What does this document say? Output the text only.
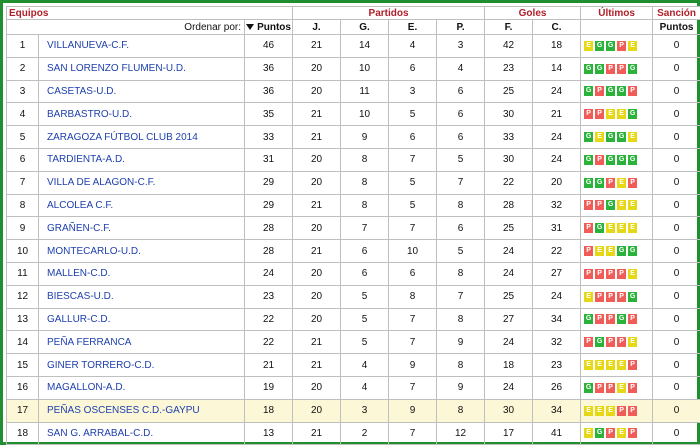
Equipos			Partidos				Goles		Últimos	Sanción

Ordenar por:		Puntos	J.	G.	E.	P.	F.	C.		Puntos
1	VILLANUEVA-C.F.	46	21	14	4	3	42	18	E G G P E	0
2	SAN LORENZO FLUMEN-U.D.	36	20	10	6	4	23	14	G G P P G	0
3	CASETAS-U.D.	36	20	11	3	6	25	24	G P G G P	0
4	BARBASTRO-U.D.	35	21	10	5	6	30	21	P P E E G	0
5	ZARAGOZA FÚTBOL CLUB 2014	33	21	9	6	6	33	24	G E G G E	0
6	TARDIENTA-A.D.	31	20	8	7	5	30	24	G P G G G	0
7	VILLA DE ALAGON-C.F.	29	20	8	5	7	22	20	G G P E P	0
8	ALCOLEA C.F.	29	21	8	5	8	28	32	P P G E E	0
9	GRAÑEN-C.F.	28	20	7	7	6	25	31	P G E E E	0
10	MONTECARLO-U.D.	28	21	6	10	5	24	22	P E E G G	0
11	MALLEN-C.D.	24	20	6	6	8	24	27	P P P P E	0
12	BIESCAS-U.D.	23	20	5	8	7	25	24	E P P P G	0
13	GALLUR-C.D.	22	20	5	7	8	27	34	G P P G P	0
14	PEÑA FERRANCA	22	21	5	7	9	24	32	P G P P E	0
15	GINER TORRERO-C.D.	21	21	4	9	8	18	23	E E E E P	0
16	MAGALLON-A.D.	19	20	4	7	9	24	26	G P P E P	0
17	PEÑAS OSCENSES C.D.-GAYPU	18	20	3	9	8	30	34	E E E P P	0
18	SAN G. ARRABAL-C.D.	13	21	2	7	12	17	41	E G P E P	0
